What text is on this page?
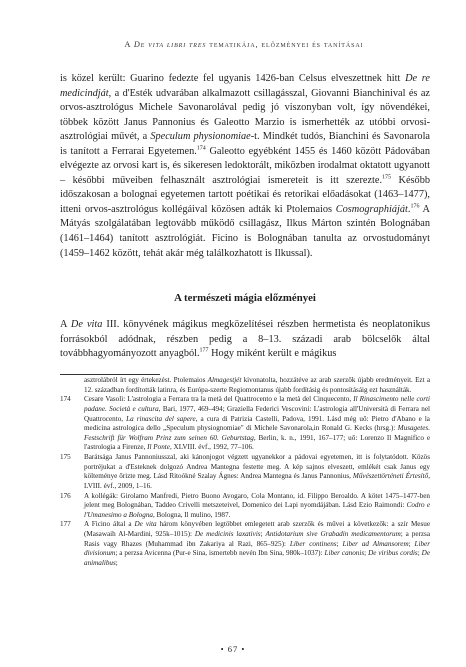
A De vita libri tres tematikája, előzményei és tanításai

is közel került: Guarino fedezte fel ugyanis 1426-ban Celsus elveszettnek hitt De re medicindját, a d'Esték udvarában alkalmazott csillagásszal, Giovanni Bianchinival és az orvos-asztrológus Michele Savonarolával pedig jó viszonyban volt, így növendékei, többek között Janus Pannonius és Galeotto Marzio is ismerhették az utóbbi orvosi-asztrológiai művét, a Speculum physionomiae-t. Mindkét tudós, Bianchini és Savonarola is tanított a Ferrarai Egyetemen.$^{174}$ Galeotto egyébként 1455 és 1460 között Pádovában elvégezte az orvosi kart is, és sikeresen ledoktorált, miközben irodalmat oktatott ugyanott – későbbi műveiben felhasznált asztrológiai ismereteit is itt szerezte.$^{175}$ Később időszakosan a bolognai egyetemen tartott poétikai és retorikai előadásokat (1463–1477), itteni orvos-asztrológus kollégáival közösen adták ki Ptolemaios Cosmographiáját.$^{176}$ A Mátyás szolgálatában legtovább működő csillagász, Ilkus Márton szintén Bolognában (1461–1464) tanított asztrológiát. Ficino is Bolognában tanulta az orvostudományt (1459–1462 között, tehát akár még találkozhatott is Ilkussal).

A természeti mágia előzményei

A De vita III. könyvének mágikus megközelítései részben hermetista és neoplatonikus forrásokból adódnak, részben pedig a 8–13. századi arab bölcselők által továbbhagyományozott anyagból.$^{177}$ Hogy miként került e mágikus

asztrolábról írt egy értekezést. Ptolemaios Almagestjét kivonatolta, hozzátéve az arab szerzők újabb eredményeit. Ezt a 12. században fordították latinra, és Európa-szerte Regiomontanus újabb fordításig és pontosításáig ezt használták.
174 Cesare Vasoli: L'astrologia a Ferrara tra la metà del Quattrocento e la metà del Cinquecento, Il Rinascimento nelle corti padane. Società e cultura, Bari, 1977, 469–494; Graziella Federici Vescovini: L'astrologia all'Università di Ferrara nel Quattrocento, La rinascita del sapere, a cura di Patrizia Castelli, Padova, 1991. Lásd még uő: Pietro d'Abano e la medicina astrologica dello „Speculum physiognomiae" di Michele Savonarola,in Ronald G. Kecks (hrsg.): Musagetes. Festschrift für Wolfram Prinz zum seinen 60. Geburtstag, Berlin, k. n., 1991, 167–177; uő: Lorenzo Il Magnifico e l'astrologia a Firenze, Il Ponte, XLVIII. évf., 1992, 77–106.
175 Barátsága Janus Pannoniusszal, aki kánonjogot végzett ugyanekkor a pádovai egyetemen, itt is folytatódott. Közös portréjukat a d'Esteknek dolgozó Andrea Mantegna festette meg. A kép sajnos elveszett, emlékét csak Janus egy költeménye őrizte meg. Lásd Ritoókné Szalay Ágnes: Andrea Mantegna és Janus Pannonius, Művészettörténeti Értesítő, LVIII. évf., 2009, 1–16.
176 A kollégák: Girolamo Manfredi, Pietro Buono Avogaro, Cola Montano, id. Filippo Beroaldo. A kötet 1475–1477-ben jelent meg Bolognában, Taddeo Crivelli metszeteivel, Domenico dei Lapi nyomdájában. Lásd Ezio Raimondi: Codro e l'Umanesimo a Bologna, Bologna, Il mulino, 1987.
177 A Ficino által a De vita három könyvében legtöbbet emlegetett arab szerzők és művei a következők: a szír Mesue (Masawaih Al-Mardini, 925k–1015): De medicinis laxativis; Antidotarium sive Grabadin medicamentorum; a perzsa Rasis vagy Rhazes (Muhammad ibn Zakariya al Razi, 865–925): Liber continens; Liber ad Almansorem; Liber divisionum; a perzsa Avicenna (Pur-e Sina, ismertebb nevén Ibn Sina, 980k–1037): Liber canonis; De viribus cordis; De animalibus;
• 67 •
